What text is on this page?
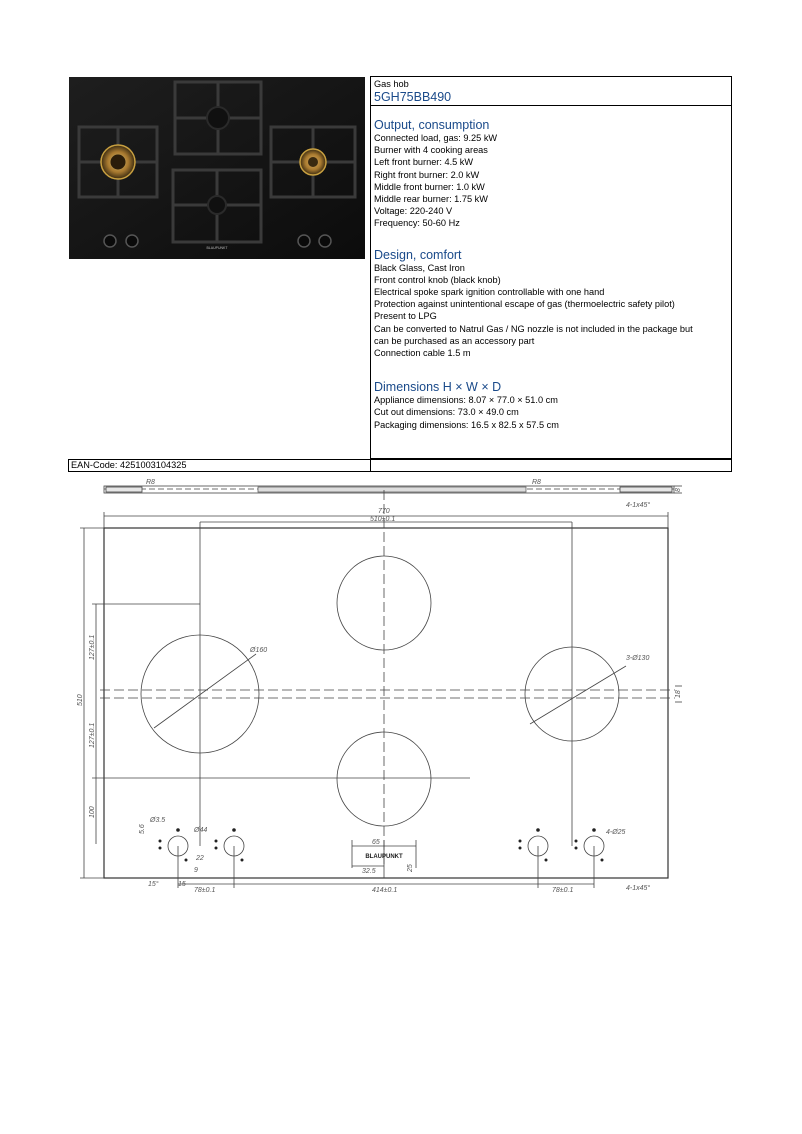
BLAUPUNKT
Gas hob
5GH75BB490
Output, consumption
Connected load, gas: 9.25 kW
Burner with 4 cooking areas
Left front burner: 4.5 kW
Right front burner: 2.0 kW
Middle front burner: 1.0 kW
Middle rear burner: 1.75 kW
Voltage: 220-240 V
Frequency: 50-60 Hz
Design, comfort
Black Glass, Cast Iron
Front control knob (black knob)
Electrical spoke spark ignition controllable with one hand
Protection against unintentional escape of gas (thermoelectric safety pilot)
Present to LPG
Can be converted to Natrul Gas / NG nozzle is not included in the package but
can be purchased as an accessory part
Connection cable 1.5 m
Dimensions H × W × D
Appliance dimensions: 8.07 × 77.0 × 51.0 cm
Cut out dimensions: 73.0 × 49.0 cm
Packaging dimensions: 16.5 x 82.5 x 57.5 cm
EAN-Code: 4251003104325
R8	R8
8
4-1x45°
770
510±0.1
510
127±0.1
127±0.1
100
18
Ø160
3-Ø130
Ø3.5
Ø44
5.6
22
9
15
15°
78±0.1	414±0.1	78±0.1	4-1x45°
65
32.5	25
4-Ø25
BLAUPUNKT
